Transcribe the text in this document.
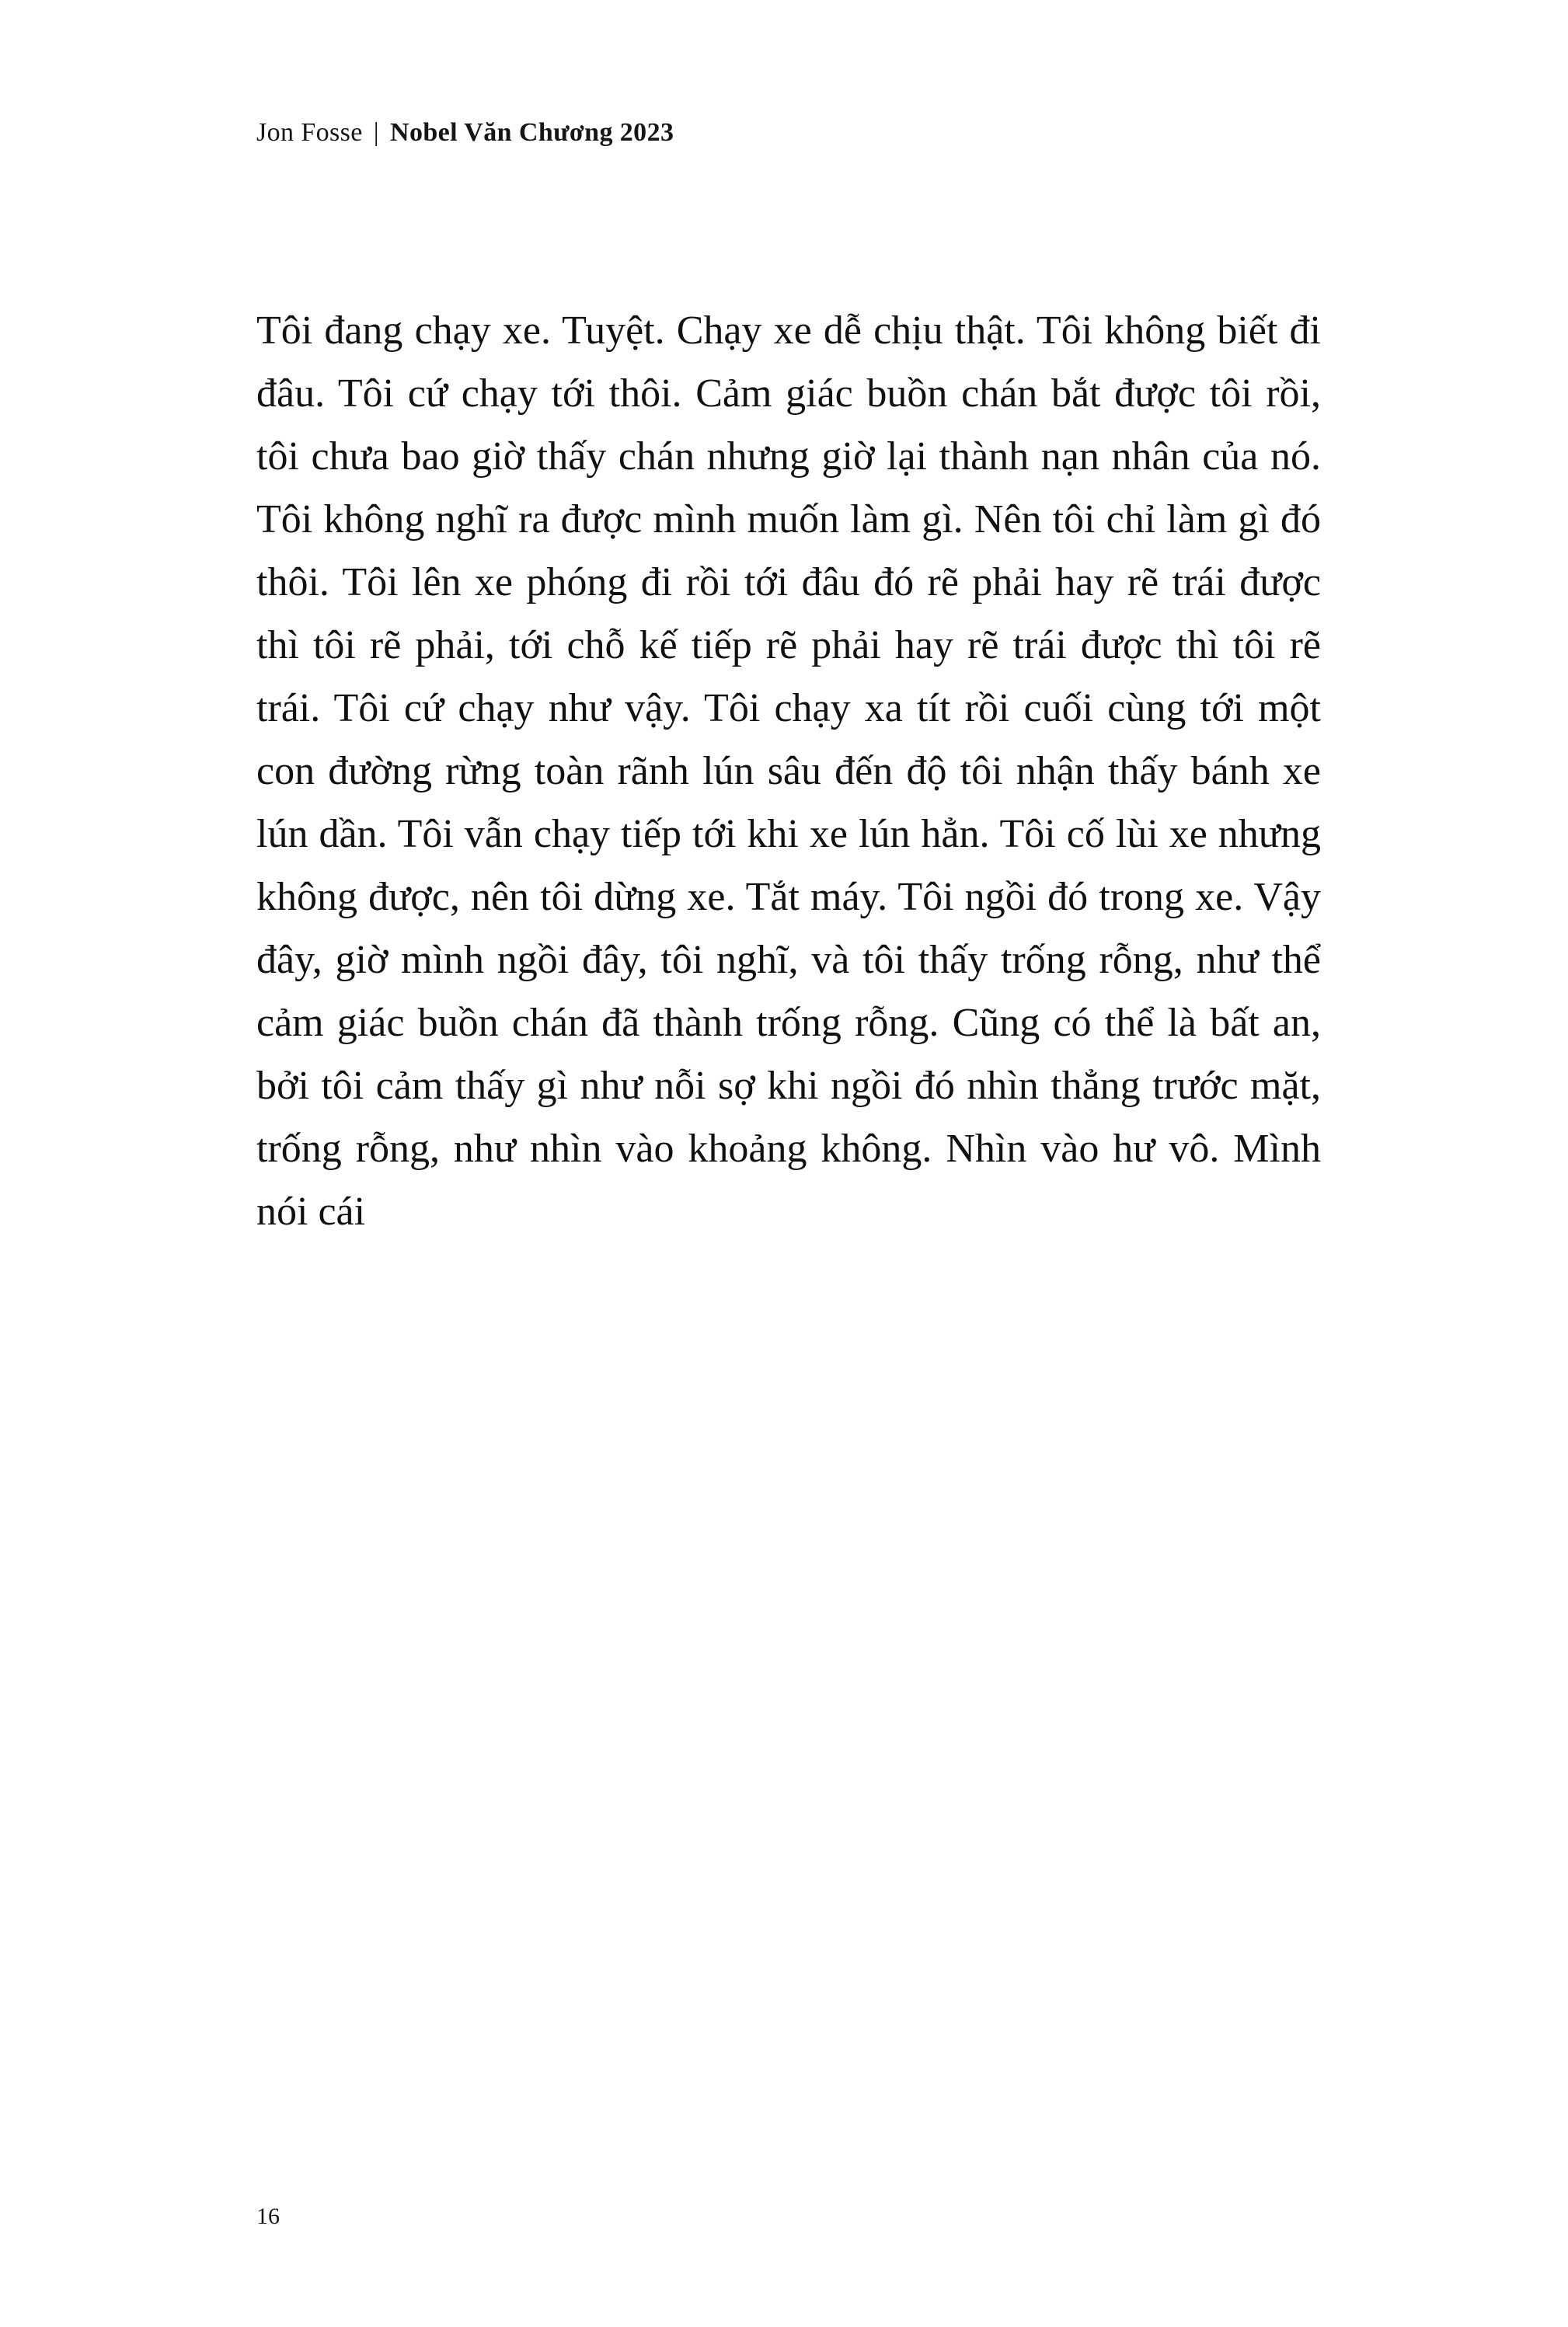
Jon Fosse | Nobel Văn Chương 2023

Tôi đang chạy xe. Tuyệt. Chạy xe dễ chịu thật. Tôi không biết đi đâu. Tôi cứ chạy tới thôi. Cảm giác buồn chán bắt được tôi rồi, tôi chưa bao giờ thấy chán nhưng giờ lại thành nạn nhân của nó. Tôi không nghĩ ra được mình muốn làm gì. Nên tôi chỉ làm gì đó thôi. Tôi lên xe phóng đi rồi tới đâu đó rẽ phải hay rẽ trái được thì tôi rẽ phải, tới chỗ kế tiếp rẽ phải hay rẽ trái được thì tôi rẽ trái. Tôi cứ chạy như vậy. Tôi chạy xa tít rồi cuối cùng tới một con đường rừng toàn rãnh lún sâu đến độ tôi nhận thấy bánh xe lún dần. Tôi vẫn chạy tiếp tới khi xe lún hẳn. Tôi cố lùi xe nhưng không được, nên tôi dừng xe. Tắt máy. Tôi ngồi đó trong xe. Vậy đây, giờ mình ngồi đây, tôi nghĩ, và tôi thấy trống rỗng, như thể cảm giác buồn chán đã thành trống rỗng. Cũng có thể là bất an, bởi tôi cảm thấy gì như nỗi sợ khi ngồi đó nhìn thẳng trước mặt, trống rỗng, như nhìn vào khoảng không. Nhìn vào hư vô. Mình nói cái

16
